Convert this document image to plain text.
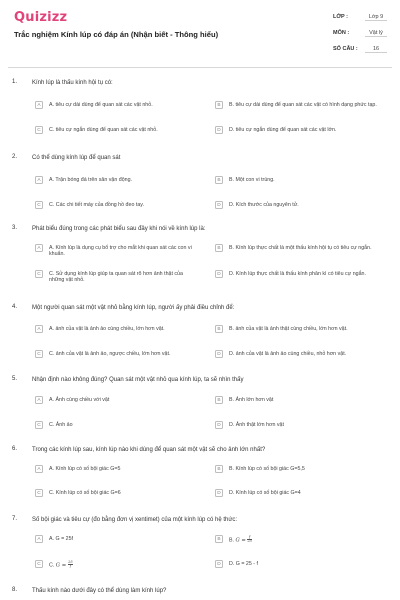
Quizizz
Trắc nghiệm Kính lúp có đáp án (Nhận biết - Thông hiểu)
LỚP :	Lớp 9
MÔN :	Vật lý
SỐ CÂU :	16
1. Kính lúp là thấu kính hội tụ có:
A	A. tiêu cự dài dùng để quan sát các vật nhỏ.	B	B. tiêu cự dài dùng để quan sát các vật có hình dạng phức tạp.
C	C. tiêu cự ngắn dùng để quan sát các vật nhỏ.	D	D. tiêu cự ngắn dùng để quan sát các vật lớn.
2. Có thể dùng kính lúp để quan sát
A	A. Trận bóng đá trên sân vận động.	B	B. Một con vi trùng.
C	C. Các chi tiết máy của đồng hồ đeo tay.	D	D. Kích thước của nguyên tử.
3. Phát biểu đúng trong các phát biểu sau đây khi nói về kính lúp là:
A	A. Kính lúp là dụng cụ bổ trợ cho mắt khi quan sát các con vi khuẩn.
B	B. Kính lúp thực chất là một thấu kính hội tụ có tiêu cự ngắn.
C	C. Sử dụng kính lúp giúp ta quan sát rõ hơn ảnh thật của những vật nhỏ.
D	D. Kính lúp thực chất là thấu kính phân kì có tiêu cự ngắn.
4. Một người quan sát một vật nhỏ bằng kính lúp, người ấy phải điều chỉnh để:
A	A. ảnh của vật là ảnh ảo cùng chiều, lớn hơn vật.	B	B. ảnh của vật là ảnh thật cùng chiều, lớn hơn vật.
C	C. ảnh của vật là ảnh ảo, ngược chiều, lớn hơn vật.	D	D. ảnh của vật là ảnh ảo cùng chiều, nhỏ hơn vật.
5. Nhận định nào không đúng? Quan sát một vật nhỏ qua kính lúp, ta sẽ nhìn thấy
A	A. Ảnh cùng chiều với vật	B	B. Ảnh lớn hơn vật
C	C. Ảnh ảo	D	D. Ảnh thật lớn hơn vật
6. Trong các kính lúp sau, kính lúp nào khi dùng để quan sát một vật sẽ cho ảnh lớn nhất?
A	A. Kính lúp có số bội giác G=5	B	B. Kính lúp có số bội giác G=5,5
C	C. Kính lúp có số bội giác G=6	D	D. Kính lúp có số bội giác G=4
7. Số bội giác và tiêu cự (đo bằng đơn vị xentimet) của một kính lúp có hệ thức:
A	A. G = 25f	B	B. $G = \frac{f}{25}$
C	C. $G = \frac{25}{f}$	D	D. G = 25 - f
8. Thấu kính nào dưới đây có thể dùng làm kính lúp?
